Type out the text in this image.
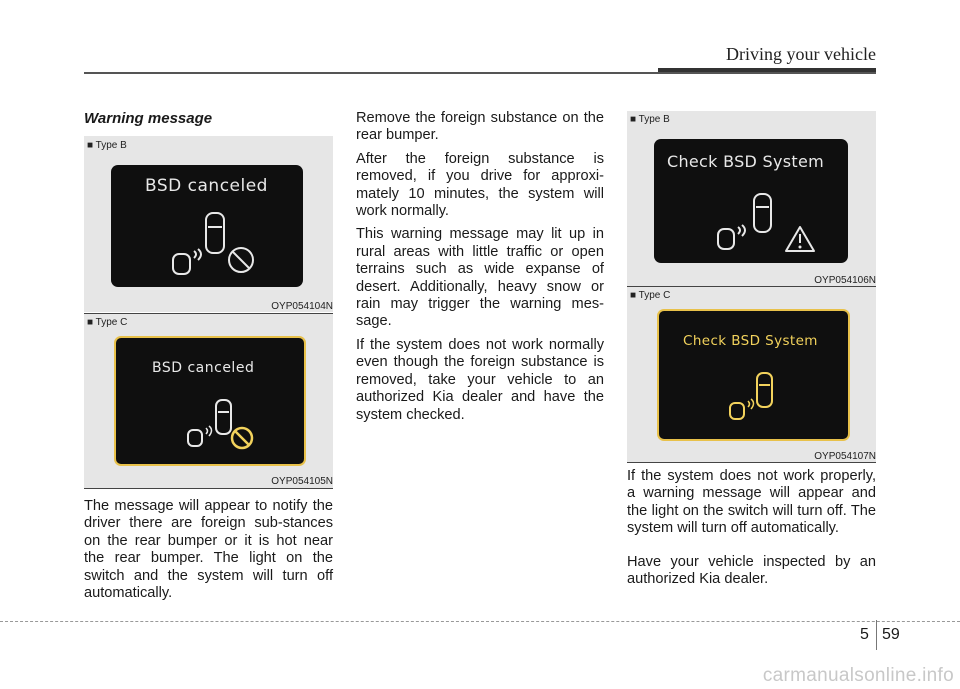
Driving your vehicle
Warning message
■ Type B
BSD canceled
OYP054104N
■ Type C
BSD canceled
OYP054105N

The message will appear to notify the driver there are foreign sub-stances on the rear bumper or it is hot near the rear bumper. The light on the switch and the system will turn off automatically.

Remove the foreign substance on the rear bumper.

After the foreign substance is removed, if you drive for approxi-mately 10 minutes, the system will work normally.

This warning message may lit up in rural areas with little traffic or open terrains such as wide expanse of desert. Additionally, heavy snow or rain may trigger the warning mes-sage.

If the system does not work normally even though the foreign substance is removed, take your vehicle to an authorized Kia dealer and have the system checked.

■ Type B
Check BSD System
OYP054106N
■ Type C
Check BSD System
OYP054107N

If the system does not work properly, a warning message will appear and the light on the switch will turn off. The system will turn off automatically.

Have your vehicle inspected by an authorized Kia dealer.

5 59
carmanualsonline.info
